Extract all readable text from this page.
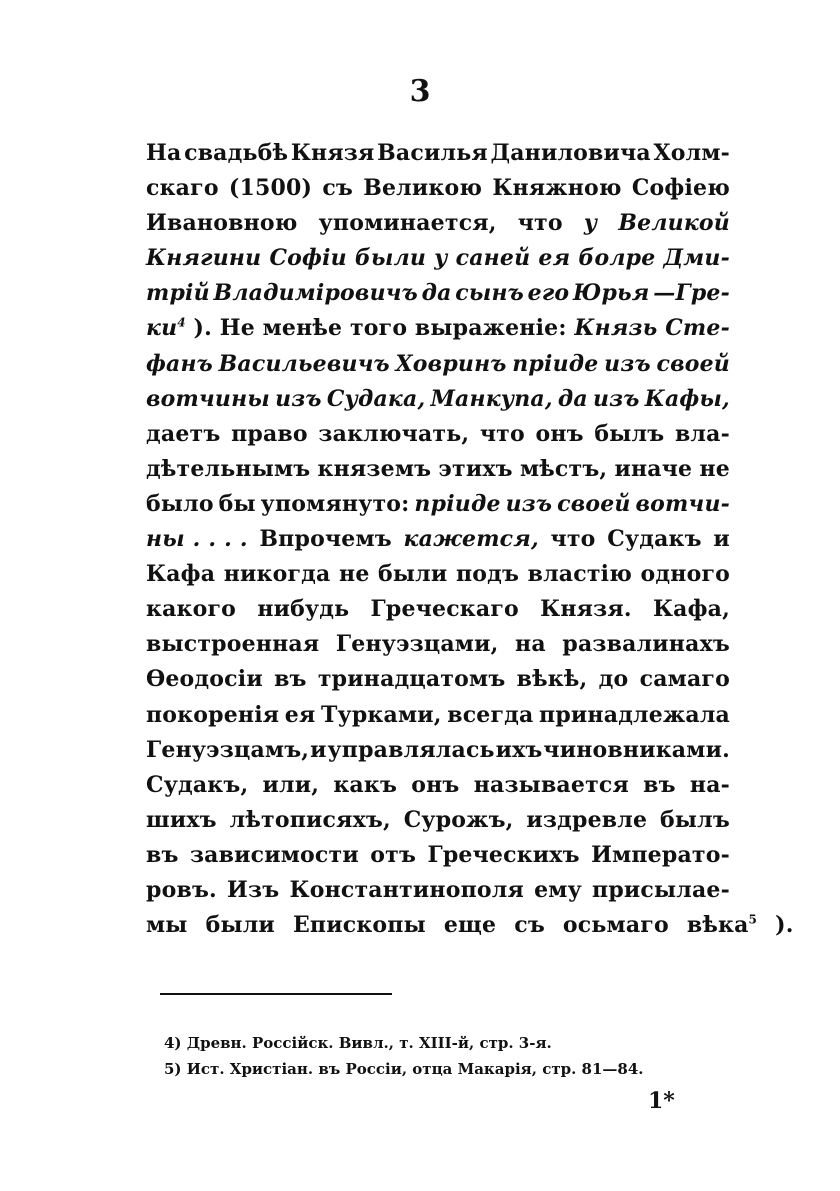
3
На свадьбѣ Князя Василья Даниловича Холм-
скаго (1500) съ Великою Княжною Софіею
Ивановною упоминается, что у Великой
Княгини Софіи были у саней ея болре Дми-
трій Владиміровичъ да сынъ его Юрья —Гре-
$ки^4$ ). Не менѣе того выраженіе: Князь Сте-
фанъ Васильевичъ Ховринъ пріиде изъ своей
вотчины изъ Судака, Манкупа, да изъ Кафы,
даетъ право заключать, что онъ былъ вла-
дѣтельнымъ княземъ этихъ мѣстъ, иначе не
было бы упомянуто: пріиде изъ своей вотчи-
ны . . . . Впрочемъ кажется, что Судакъ и
Кафа никогда не были подъ властію одного
какого нибудь Греческаго Князя. Кафа,
выстроенная Генуэзцами, на развалинахъ
Ѳеодосіи въ тринадцатомъ вѣкѣ, до самаго
покоренія ея Турками, всегда принадлежала
Генуэзцамъ, и управлялась ихъ чиновниками.
Судакъ, или, какъ онъ называется въ на-
шихъ лѣтописяхъ, Сурожъ, издревле былъ
въ зависимости отъ Греческихъ Императо-
ровъ. Изъ Константинополя ему присылае-
мы были Епископы еще съ осьмаго вѣка$^5$ ).
4) Древн. Россійск. Вивл., т. XIII-й, стр. 3-я.
5) Ист. Христіан. въ Россіи, отца Макарія, стр. 81—84.
1*
